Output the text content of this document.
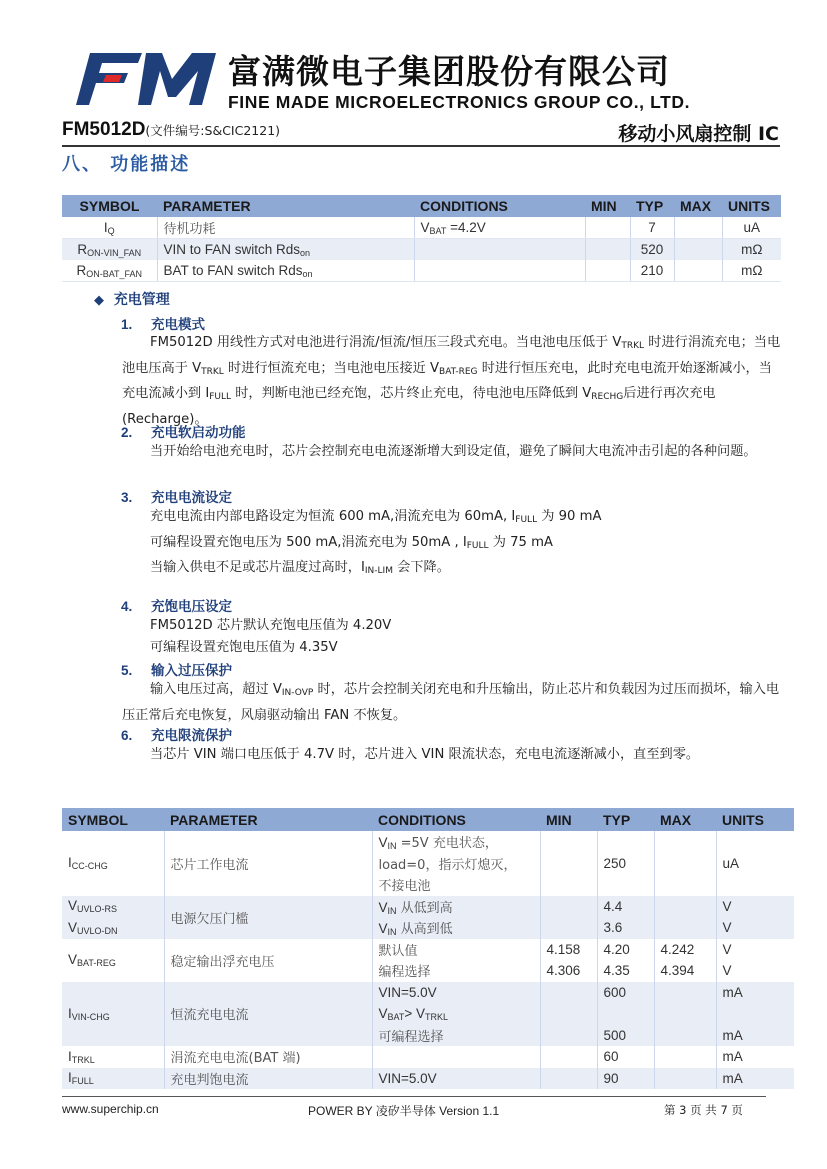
富满微电子集团股份有限公司
FINE MADE MICROELECTRONICS GROUP CO., LTD.
FM5012D(文件编号:S&CIC2121)	移动小风扇控制 IC
八、 功能描述
SYMBOL	PARAMETER	CONDITIONS	MIN	TYP	MAX	UNITS
$I_Q$	待机功耗	$V_{BAT} =4.2V$		7		uA
$R_{ON-VIN\_FAN}$	VIN to FAN switch Rds$_{on}$			520		mΩ
$R_{ON-BAT\_FAN}$	BAT to FAN switch Rds$_{on}$			210		mΩ
◆ 充电管理
1. 充电模式
FM5012D 用线性方式对电池进行涓流/恒流/恒压三段式充电。当电池电压低于 $V_{TRKL}$ 时进行涓流充电；当电池电压高于 $V_{TRKL}$ 时进行恒流充电；当电池电压接近 $V_{BAT-REG}$ 时进行恒压充电，此时充电电流开始逐渐减小，当充电流减小到 $I_{FULL}$ 时，判断电池已经充饱，芯片终止充电，待电池电压降低到 $V_{RECHG}$后进行再次充电(Recharge)。
2. 充电软启动功能
当开始给电池充电时，芯片会控制充电电流逐渐增大到设定值，避免了瞬间大电流冲击引起的各种问题。
3. 充电电流设定
充电电流由内部电路设定为恒流 600 mA,涓流充电为 60mA, $I_{FULL}$ 为 90 mA
可编程设置充饱电压为 500 mA,涓流充电为 50mA , $I_{FULL}$ 为 75 mA
当输入供电不足或芯片温度过高时，$I_{IN-LIM}$ 会下降。
4. 充饱电压设定
FM5012D 芯片默认充饱电压值为 4.20V
可编程设置充饱电压值为 4.35V
5. 输入过压保护
输入电压过高，超过 $V_{IN-OVP}$ 时，芯片会控制关闭充电和升压输出，防止芯片和负载因为过压而损坏，输入电压正常后充电恢复，风扇驱动输出 FAN 不恢复。
6. 充电限流保护
当芯片 VIN 端口电压低于 4.7V 时，芯片进入 VIN 限流状态，充电电流逐渐减小，直至到零。
SYMBOL	PARAMETER	CONDITIONS	MIN	TYP	MAX	UNITS
$I_{CC-CHG}$	芯片工作电流	$V_{IN} =5V$ 充电状态，		250		uA
		load=0，指示灯熄灭，				
		不接电池				
$V_{UVLO-RS}$	电源欠压门槛	$V_{IN}$ 从低到高		4.4		V
$V_{UVLO-DN}$		$V_{IN}$ 从高到低		3.6		V
$V_{BAT-REG}$	稳定输出浮充电压	默认值	4.158	4.20	4.242	V
		编程选择	4.306	4.35	4.394	V
$I_{VIN-CHG}$	恒流充电电流	VIN=5.0V		600		mA
		$V_{BAT}> V_{TRKL}$		
		可编程选择		500		mA
$I_{TRKL}$	涓流充电电流(BAT 端)			60		mA
$I_{FULL}$	充电判饱电流	VIN=5.0V		90		mA
www.superchip.cn	POWER BY 凌矽半导体 Version 1.1	第 3 页 共 7 页
